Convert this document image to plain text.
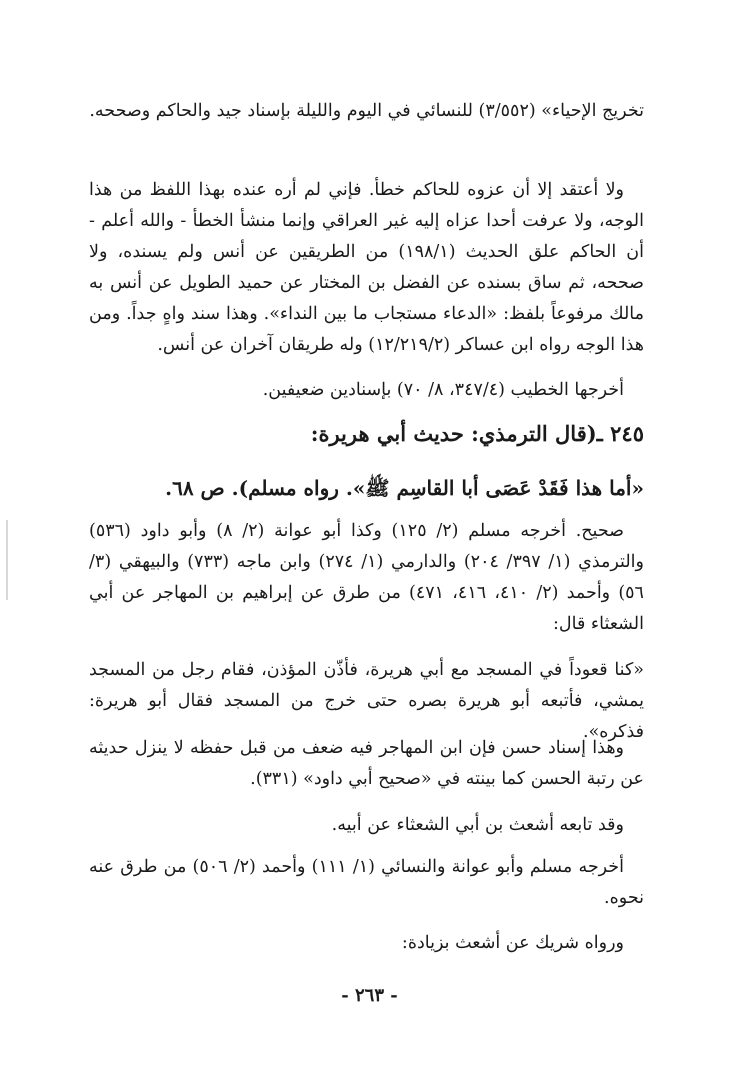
تخريج الإحياء» (٣/٥٥٢) للنسائي في اليوم والليلة بإسناد جيد والحاكم وصححه.

ولا أعتقد إلا أن عزوه للحاكم خطأ. فإني لم أره عنده بهذا اللفظ من هذا الوجه، ولا عرفت أحدا عزاه إليه غير العراقي وإنما منشأ الخطأ - والله أعلم - أن الحاكم علق الحديث (١٩٨/١) من الطريقين عن أنس ولم يسنده، ولا صححه، ثم ساق بسنده عن الفضل بن المختار عن حميد الطويل عن أنس به مالك مرفوعاً بلفظ: «الدعاء مستجاب ما بين النداء». وهذا سند واهٍ جداً. ومن هذا الوجه رواه ابن عساكر (١٢/٢١٩/٢) وله طريقان آخران عن أنس.

أخرجها الخطيب (٣٤٧/٤، ٨/ ٧٠) بإسنادين ضعيفين.

٢٤٥ ـ(قال الترمذي: حديث أبي هريرة:

«أما هذا فَقَدْ عَصَى أبا القاسِم ﷺ». رواه مسلم). ص ٦٨.

صحيح. أخرجه مسلم (٢/ ١٢٥) وكذا أبو عوانة (٢/ ٨) وأبو داود (٥٣٦) والترمذي (١/ ٣٩٧/ ٢٠٤) والدارمي (١/ ٢٧٤) وابن ماجه (٧٣٣) والبيهقي (٣/ ٥٦) وأحمد (٢/ ٤١٠، ٤١٦، ٤٧١) من طرق عن إبراهيم بن المهاجر عن أبي الشعثاء قال:

«كنا قعوداً في المسجد مع أبي هريرة، فأذّن المؤذن، فقام رجل من المسجد يمشي، فأتبعه أبو هريرة بصره حتى خرج من المسجد فقال أبو هريرة: فذكره».

وهذا إسناد حسن فإن ابن المهاجر فيه ضعف من قبل حفظه لا ينزل حديثه عن رتبة الحسن كما بينته في «صحيح أبي داود» (٣٣١).

وقد تابعه أشعث بن أبي الشعثاء عن أبيه.

أخرجه مسلم وأبو عوانة والنسائي (١/ ١١١) وأحمد (٢/ ٥٠٦) من طرق عنه نحوه.

ورواه شريك عن أشعث بزيادة:

- ٢٦٣ -
